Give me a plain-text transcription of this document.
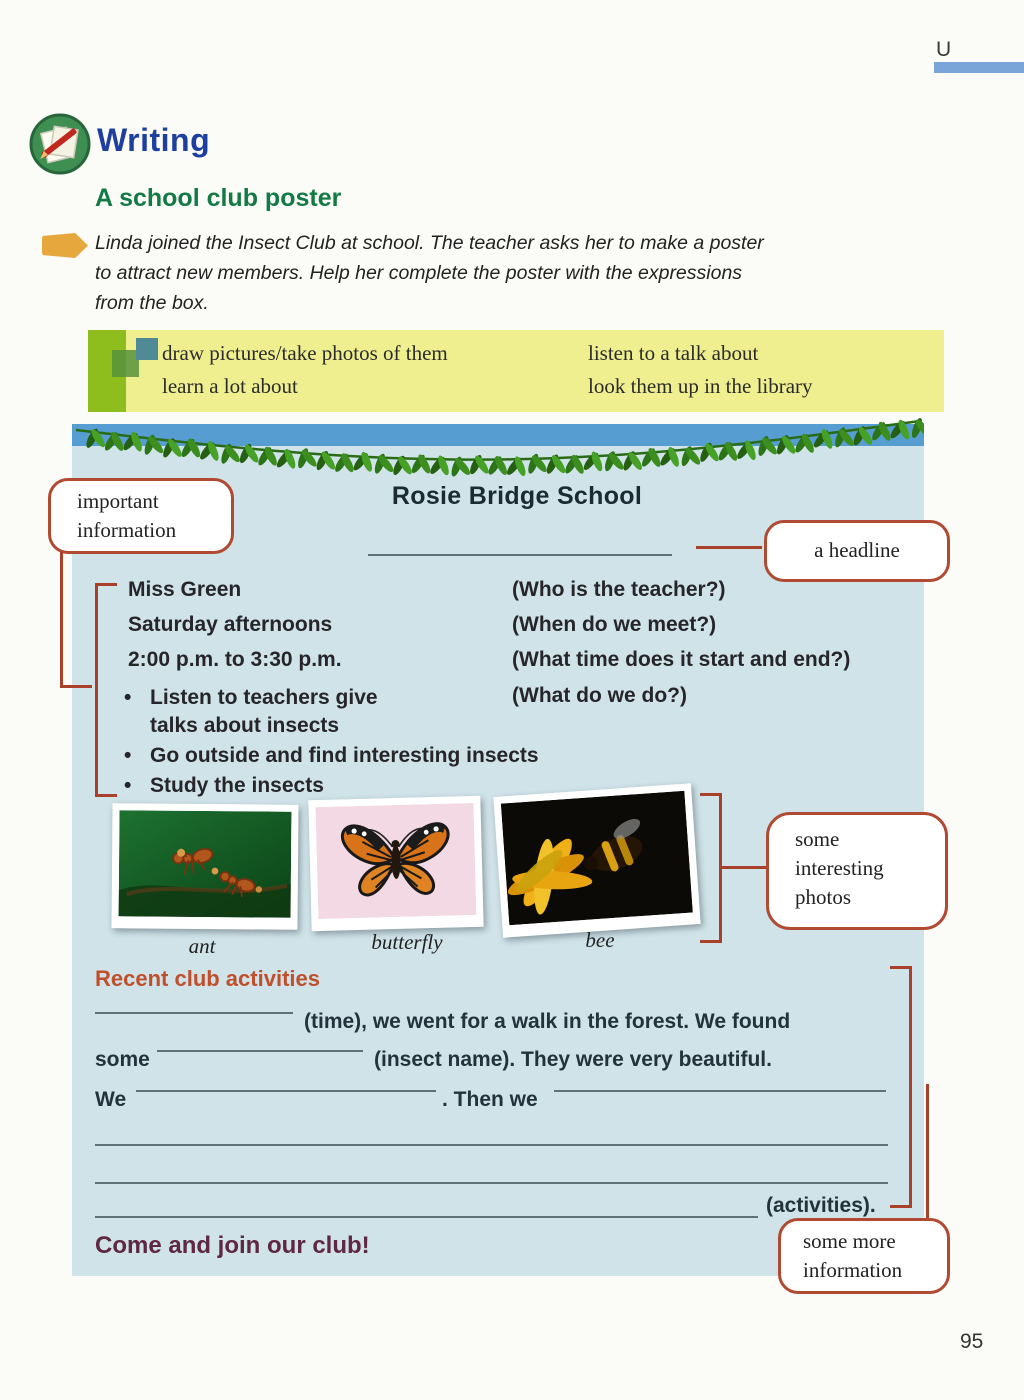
U
Writing
A school club poster
Linda joined the Insect Club at school. The teacher asks her to make a poster
to attract new members. Help her complete the poster with the expressions
from the box.
draw pictures/take photos of them
learn a lot about
listen to a talk about
look them up in the library
Rosie Bridge School
important information
a headline
Miss Green	(Who is the teacher?)
Saturday afternoons	(When do we meet?)
2:00 p.m. to 3:30 p.m.	(What time does it start and end?)
• Listen to teachers give talks about insects
(What do we do?)
• Go outside and find interesting insects
• Study the insects
ant	butterfly	bee
some interesting photos
Recent club activities
(time), we went for a walk in the forest. We found
some	(insect name). They were very beautiful.
We	. Then we
(activities).
some more information
Come and join our club!
95
